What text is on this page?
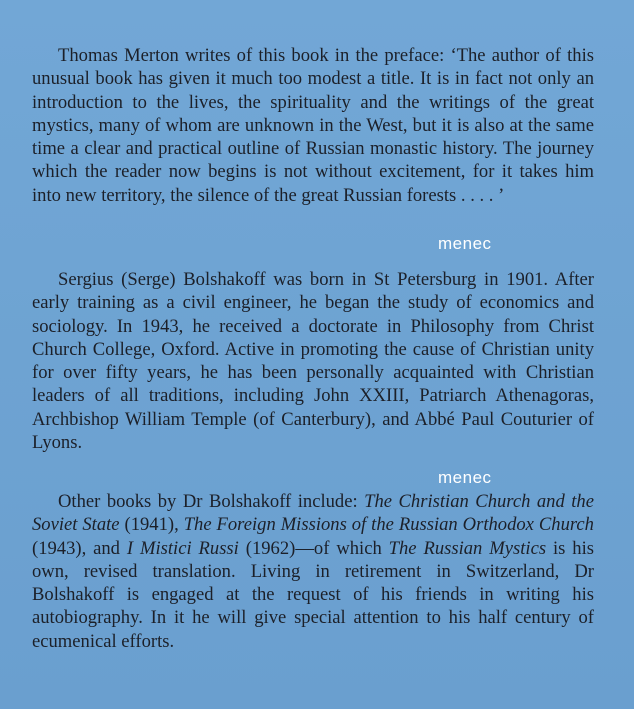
Thomas Merton writes of this book in the preface: ‘The author of this unusual book has given it much too modest a title. It is in fact not only an introduction to the lives, the spirituality and the writings of the great mystics, many of whom are unknown in the West, but it is also at the same time a clear and practical outline of Russian monastic history. The journey which the reader now begins is not without excitement, for it takes him into new territory, the silence of the great Russian forests . . . . ’

menec

Sergius (Serge) Bolshakoff was born in St Petersburg in 1901. After early training as a civil engineer, he began the study of economics and sociology. In 1943, he received a doctorate in Philosophy from Christ Church College, Oxford. Active in promoting the cause of Christian unity for over fifty years, he has been personally acquainted with Christian leaders of all traditions, including John XXIII, Patriarch Athenagoras, Archbishop William Temple (of Canterbury), and Abbé Paul Couturier of Lyons.

menec

Other books by Dr Bolshakoff include: The Christian Church and the Soviet State (1941), The Foreign Missions of the Russian Orthodox Church (1943), and I Mistici Russi (1962)—of which The Russian Mystics is his own, revised translation. Living in retirement in Switzerland, Dr Bolshakoff is engaged at the request of his friends in writing his autobiography. In it he will give special attention to his half century of ecumenical efforts.
